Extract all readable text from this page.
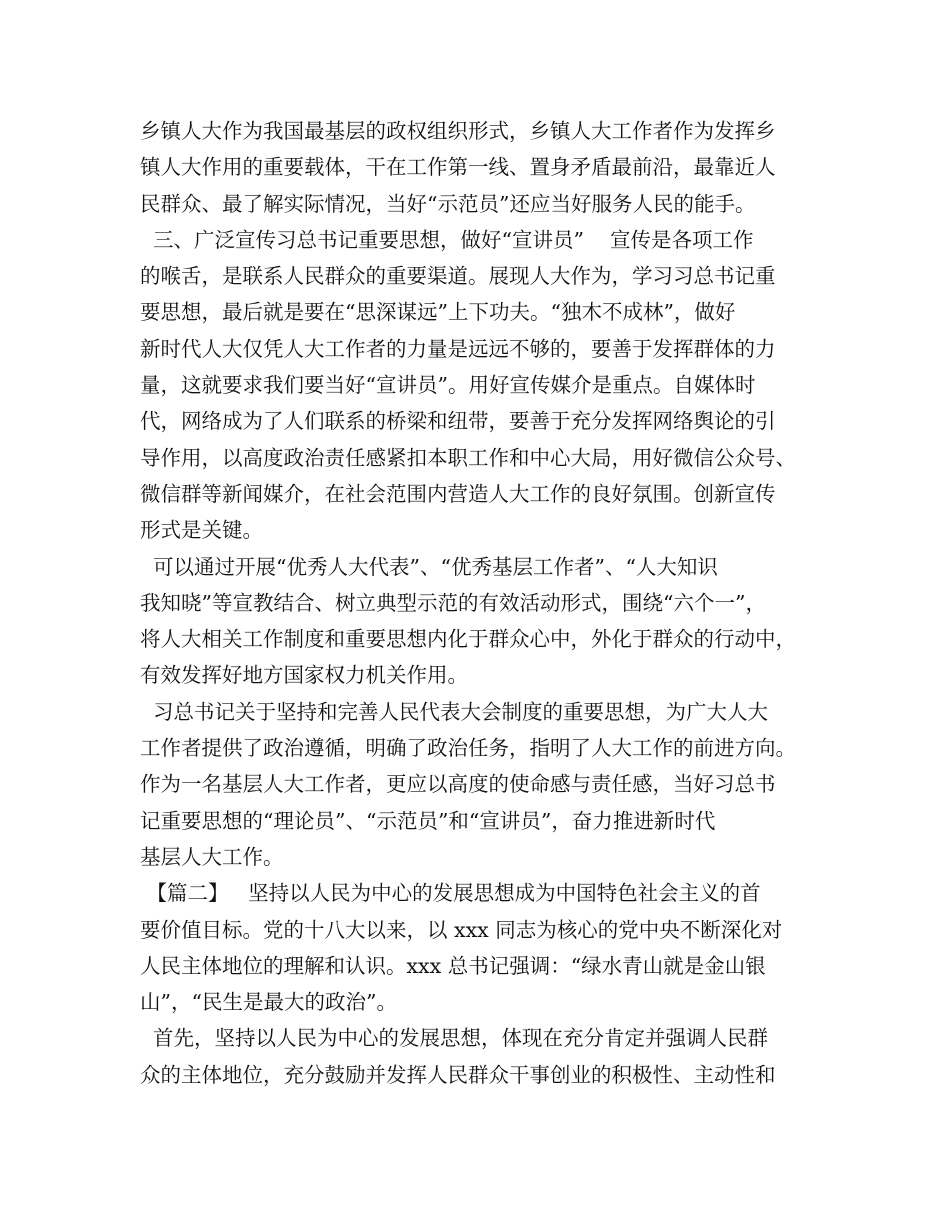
乡镇人大作为我国最基层的政权组织形式，乡镇人大工作者作为发挥乡
镇人大作用的重要载体，干在工作第一线、置身矛盾最前沿，最靠近人
民群众、最了解实际情况，当好“示范员”还应当好服务人民的能手。
三、广泛宣传习总书记重要思想，做好“宣讲员”    宣传是各项工作
的喉舌，是联系人民群众的重要渠道。展现人大作为，学习习总书记重
要思想，最后就是要在“思深谋远”上下功夫。“独木不成林”，做好
新时代人大仅凭人大工作者的力量是远远不够的，要善于发挥群体的力
量，这就要求我们要当好“宣讲员”。用好宣传媒介是重点。自媒体时
代，网络成为了人们联系的桥梁和纽带，要善于充分发挥网络舆论的引
导作用，以高度政治责任感紧扣本职工作和中心大局，用好微信公众号、
微信群等新闻媒介，在社会范围内营造人大工作的良好氛围。创新宣传
形式是关键。
可以通过开展“优秀人大代表”、“优秀基层工作者”、“人大知识
我知晓”等宣教结合、树立典型示范的有效活动形式，围绕“六个一”，
将人大相关工作制度和重要思想内化于群众心中，外化于群众的行动中，
有效发挥好地方国家权力机关作用。
习总书记关于坚持和完善人民代表大会制度的重要思想，为广大人大
工作者提供了政治遵循，明确了政治任务，指明了人大工作的前进方向。
作为一名基层人大工作者，更应以高度的使命感与责任感，当好习总书
记重要思想的“理论员”、“示范员”和“宣讲员”，奋力推进新时代
基层人大工作。
【篇二】   坚持以人民为中心的发展思想成为中国特色社会主义的首
要价值目标。党的十八大以来，以 xxx 同志为核心的党中央不断深化对
人民主体地位的理解和认识。xxx 总书记强调：“绿水青山就是金山银
山”，“民生是最大的政治”。
首先，坚持以人民为中心的发展思想，体现在充分肯定并强调人民群
众的主体地位，充分鼓励并发挥人民群众干事创业的积极性、主动性和
